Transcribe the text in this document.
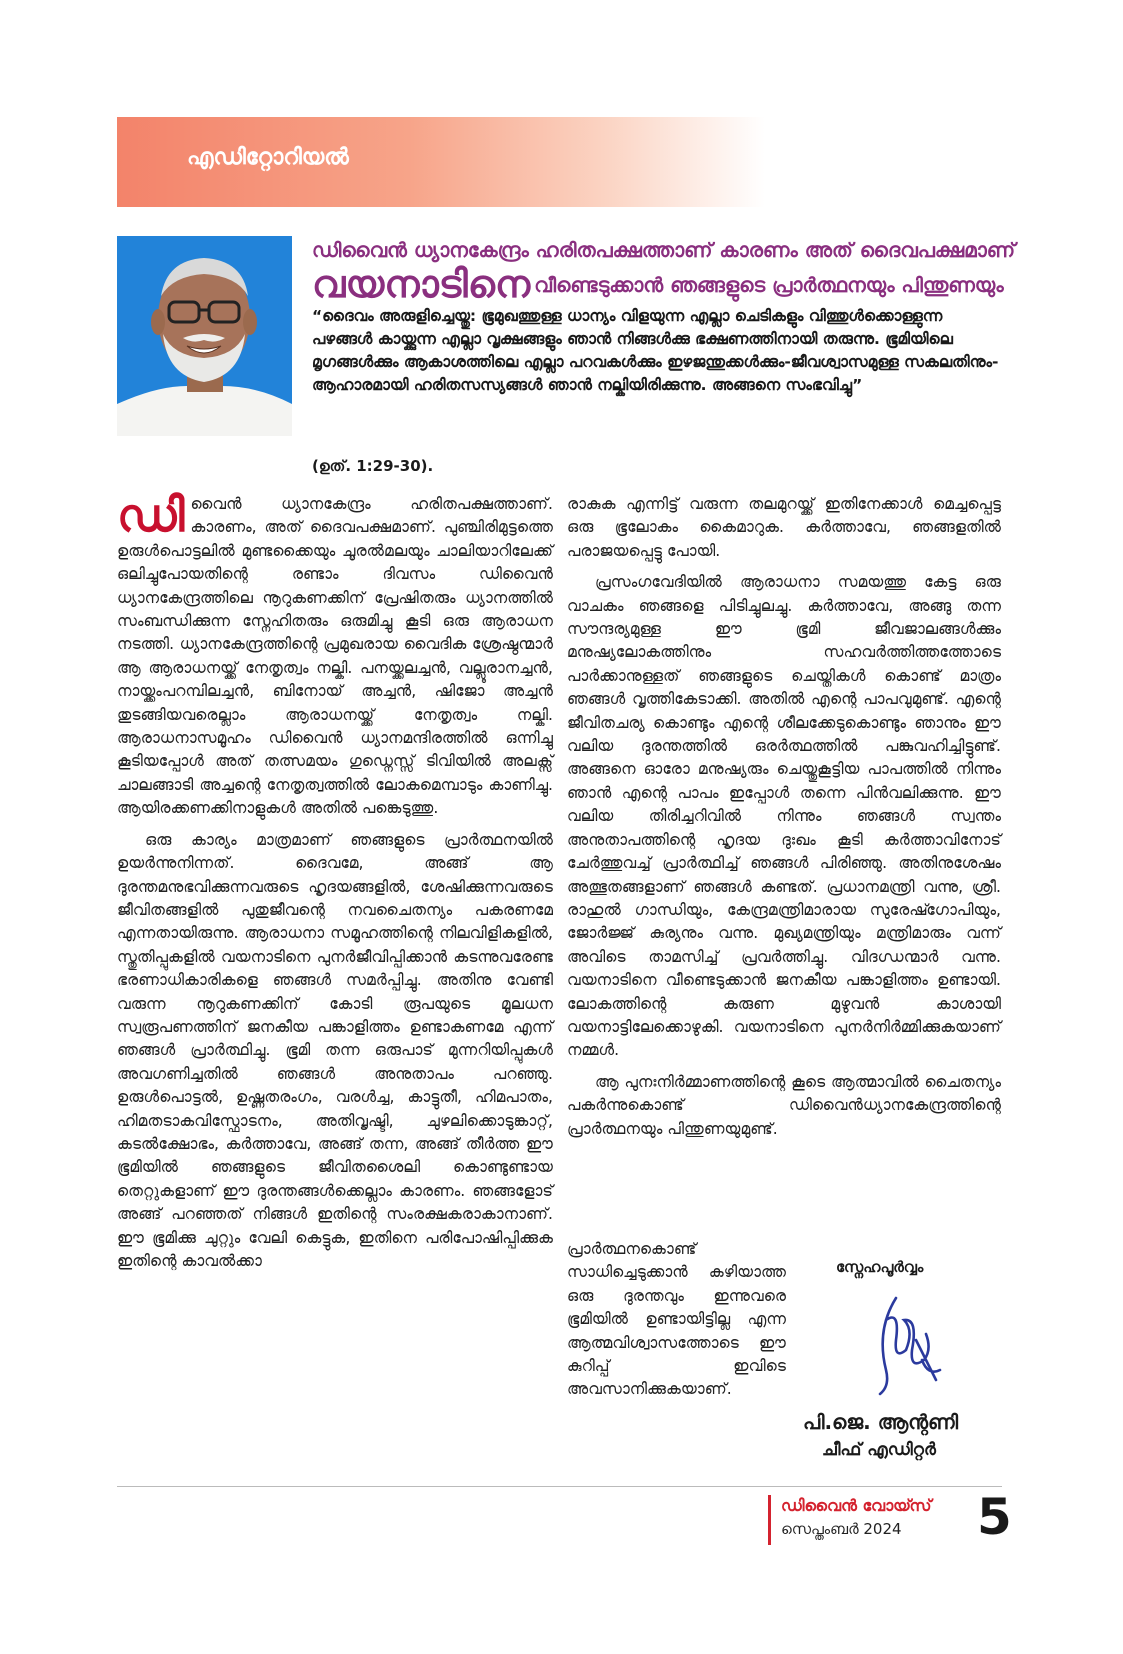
എഡിറ്റോറിയൽ
ഡിവൈൻ ധ്യാനകേന്ദ്രം ഹരിതപക്ഷത്താണ് കാരണം അത് ദൈവപക്ഷമാണ്
വയനാടിനെ വീണ്ടെടുക്കാൻ ഞങ്ങളുടെ പ്രാർത്ഥനയും പിന്തുണയും

“ദൈവം അരുളിച്ചെയ്തു: ഭൂമുഖത്തുള്ള ധാന്യം വിളയുന്ന എല്ലാ ചെടികളും വിത്തുൾക്കൊള്ളുന്ന പഴങ്ങൾ കായ്ക്കുന്ന എല്ലാ വൃക്ഷങ്ങളും ഞാൻ നിങ്ങൾക്കു ഭക്ഷണത്തിനായി തരുന്നു. ഭൂമിയിലെ മൃഗങ്ങൾക്കും ആകാശത്തിലെ എല്ലാ പറവകൾക്കും ഇഴജന്തുക്കൾക്കും-ജീവശ്വാസമുള്ള സകലതിനും-ആഹാരമായി ഹരിതസസ്യങ്ങൾ ഞാൻ നല്കിയിരിക്കുന്നു. അങ്ങനെ സംഭവിച്ചു”

(ഉത്. 1:29-30).

ഡിവൈൻ ധ്യാനകേന്ദ്രം ഹരിതപക്ഷത്താണ്. കാരണം, അത് ദൈവപക്ഷമാണ്. പുഞ്ചിരിമുട്ടത്തെ ഉരുൾപൊട്ടലിൽ മുണ്ടക്കൈയും ചൂരൽമലയും ചാലിയാറിലേക്ക് ഒലിച്ചുപോയതിന്റെ രണ്ടാം ദിവസം ഡിവൈൻ ധ്യാനകേന്ദ്രത്തിലെ നൂറുകണക്കിന് പ്രേഷിതരും ധ്യാനത്തിൽ സംബന്ധിക്കുന്ന സ്നേഹിതരും ഒരുമിച്ചു കൂടി ഒരു ആരാധന നടത്തി. ധ്യാനകേന്ദ്രത്തിന്റെ പ്രമുഖരായ വൈദിക ശ്രേഷ്ഠന്മാർ ആ ആരാധനയ്ക്ക് നേതൃത്വം നല്കി. പനയ്ക്കലച്ചൻ, വല്ലൂരാനച്ചൻ, നായ്ക്കംപറമ്പിലച്ചൻ, ബിനോയ് അച്ചൻ, ഷിജോ അച്ചൻ തുടങ്ങിയവരെല്ലാം ആരാധനയ്ക്ക് നേതൃത്വം നല്കി. ആരാധനാസമൂഹം ഡിവൈൻ ധ്യാനമന്ദിരത്തിൽ ഒന്നിച്ചു കൂടിയപ്പോൾ അത് തത്സമയം ഗുഡ്നെസ്സ് ടിവിയിൽ അലക്സ് ചാലങ്ങാടി അച്ചന്റെ നേതൃത്വത്തിൽ ലോകമെമ്പാടും കാണിച്ചു. ആയിരക്കണക്കിനാളുകൾ അതിൽ പങ്കെടുത്തു.

ഒരു കാര്യം മാത്രമാണ് ഞങ്ങളുടെ പ്രാർത്ഥനയിൽ ഉയർന്നുനിന്നത്. ദൈവമേ, അങ്ങ് ആ ദുരന്തമനുഭവിക്കുന്നവരുടെ ഹൃദയങ്ങളിൽ, ശേഷിക്കുന്നവരുടെ ജീവിതങ്ങളിൽ പുതുജീവന്റെ നവചൈതന്യം പകരണമേ എന്നതായിരുന്നു. ആരാധനാ സമൂഹത്തിന്റെ നിലവിളികളിൽ, സ്തുതിപ്പുകളിൽ വയനാടിനെ പുനർജീവിപ്പിക്കാൻ കടന്നുവരേണ്ട ഭരണാധികാരികളെ ഞങ്ങൾ സമർപ്പിച്ചു. അതിനു വേണ്ടി വരുന്ന നൂറുകണക്കിന് കോടി രൂപയുടെ മൂലധന സ്വരൂപണത്തിന് ജനകീയ പങ്കാളിത്തം ഉണ്ടാകണമേ എന്ന് ഞങ്ങൾ പ്രാർത്ഥിച്ചു. ഭൂമി തന്ന ഒരുപാട് മുന്നറിയിപ്പുകൾ അവഗണിച്ചതിൽ ഞങ്ങൾ അനുതാപം പറഞ്ഞു. ഉരുൾപൊട്ടൽ, ഉഷ്ണതരംഗം, വരൾച്ച, കാട്ടുതീ, ഹിമപാതം, ഹിമതടാകവിസ്ഫോടനം, അതിവൃഷ്ടി, ചുഴലിക്കൊടുങ്കാറ്റ്, കടൽക്ഷോഭം, കർത്താവേ, അങ്ങ് തന്ന, അങ്ങ് തീർത്ത ഈ ഭൂമിയിൽ ഞങ്ങളുടെ ജീവിതശൈലി കൊണ്ടുണ്ടായ തെറ്റുകളാണ് ഈ ദുരന്തങ്ങൾക്കെല്ലാം കാരണം. ഞങ്ങളോട് അങ്ങ് പറഞ്ഞത് നിങ്ങൾ ഇതിന്റെ സംരക്ഷകരാകാനാണ്. ഈ ഭൂമിക്കു ചുറ്റും വേലി കെട്ടുക, ഇതിനെ പരിപോഷിപ്പിക്കുക ഇതിന്റെ കാവൽക്കാ

രാകുക എന്നിട്ട് വരുന്ന തലമുറയ്ക്ക് ഇതിനേക്കാൾ മെച്ചപ്പെട്ട ഒരു ഭൂലോകം കൈമാറുക. കർത്താവേ, ഞങ്ങളതിൽ പരാജയപ്പെട്ടു പോയി.

പ്രസംഗവേദിയിൽ ആരാധനാ സമയത്തു കേട്ട ഒരു വാചകം ഞങ്ങളെ പിടിച്ചുലച്ചു. കർത്താവേ, അങ്ങു തന്ന സൗന്ദര്യമുള്ള ഈ ഭൂമി ജീവജാലങ്ങൾക്കും മനുഷ്യലോകത്തിനും സഹവർത്തിത്തത്തോടെ പാർക്കാനുള്ളത് ഞങ്ങളുടെ ചെയ്തികൾ കൊണ്ട് മാത്രം ഞങ്ങൾ വൃത്തികേടാക്കി. അതിൽ എന്റെ പാപവുമുണ്ട്. എന്റെ ജീവിതചര്യ കൊണ്ടും എന്റെ ശീലക്കേടുകൊണ്ടും ഞാനും ഈ വലിയ ദുരന്തത്തിൽ ഒരർത്ഥത്തിൽ പങ്കുവഹിച്ചിട്ടുണ്ട്. അങ്ങനെ ഓരോ മനുഷ്യരും ചെയ്തുകൂട്ടിയ പാപത്തിൽ നിന്നും ഞാൻ എന്റെ പാപം ഇപ്പോൾ തന്നെ പിൻവലിക്കുന്നു. ഈ വലിയ തിരിച്ചറിവിൽ നിന്നും ഞങ്ങൾ സ്വന്തം അനുതാപത്തിന്റെ ഹൃദയ ദുഃഖം കൂടി കർത്താവിനോട് ചേർത്തുവച്ച് പ്രാർത്ഥിച്ച് ഞങ്ങൾ പിരിഞ്ഞു. അതിനുശേഷം അത്ഭുതങ്ങളാണ് ഞങ്ങൾ കണ്ടത്. പ്രധാനമന്ത്രി വന്നു, ശ്രീ. രാഹുൽ ഗാന്ധിയും, കേന്ദ്രമന്ത്രിമാരായ സുരേഷ്ഗോപിയും, ജോർജ്ജ് കുര്യനും വന്നു. മുഖ്യമന്ത്രിയും മന്ത്രിമാരും വന്ന് അവിടെ താമസിച്ച് പ്രവർത്തിച്ചു. വിദഗ്ധന്മാർ വന്നു. വയനാടിനെ വീണ്ടെടുക്കാൻ ജനകീയ പങ്കാളിത്തം ഉണ്ടായി. ലോകത്തിന്റെ കരുണ മുഴുവൻ കാശായി വയനാട്ടിലേക്കൊഴുകി. വയനാടിനെ പുനർനിർമ്മിക്കുകയാണ് നമ്മൾ.

ആ പുനഃനിർമ്മാണത്തിന്റെ കൂടെ ആത്മാവിൽ ചൈതന്യം പകർന്നുകൊണ്ട് ഡിവൈൻധ്യാനകേന്ദ്രത്തിന്റെ പ്രാർത്ഥനയും പിന്തുണയുമുണ്ട്.

പ്രാർത്ഥനകൊണ്ട് സാധിച്ചെടുക്കാൻ കഴിയാത്ത ഒരു ദുരന്തവും ഇന്നുവരെ ഭൂമിയിൽ ഉണ്ടായിട്ടില്ല എന്ന ആത്മവിശ്വാസത്തോടെ ഈ കുറിപ്പ് ഇവിടെ അവസാനിക്കുകയാണ്.

സ്നേഹപൂർവ്വം
പി.ജെ. ആന്റണി
ചീഫ് എഡിറ്റർ
ഡിവൈൻ വോയ്സ്
സെപ്തംബർ 2024 5
